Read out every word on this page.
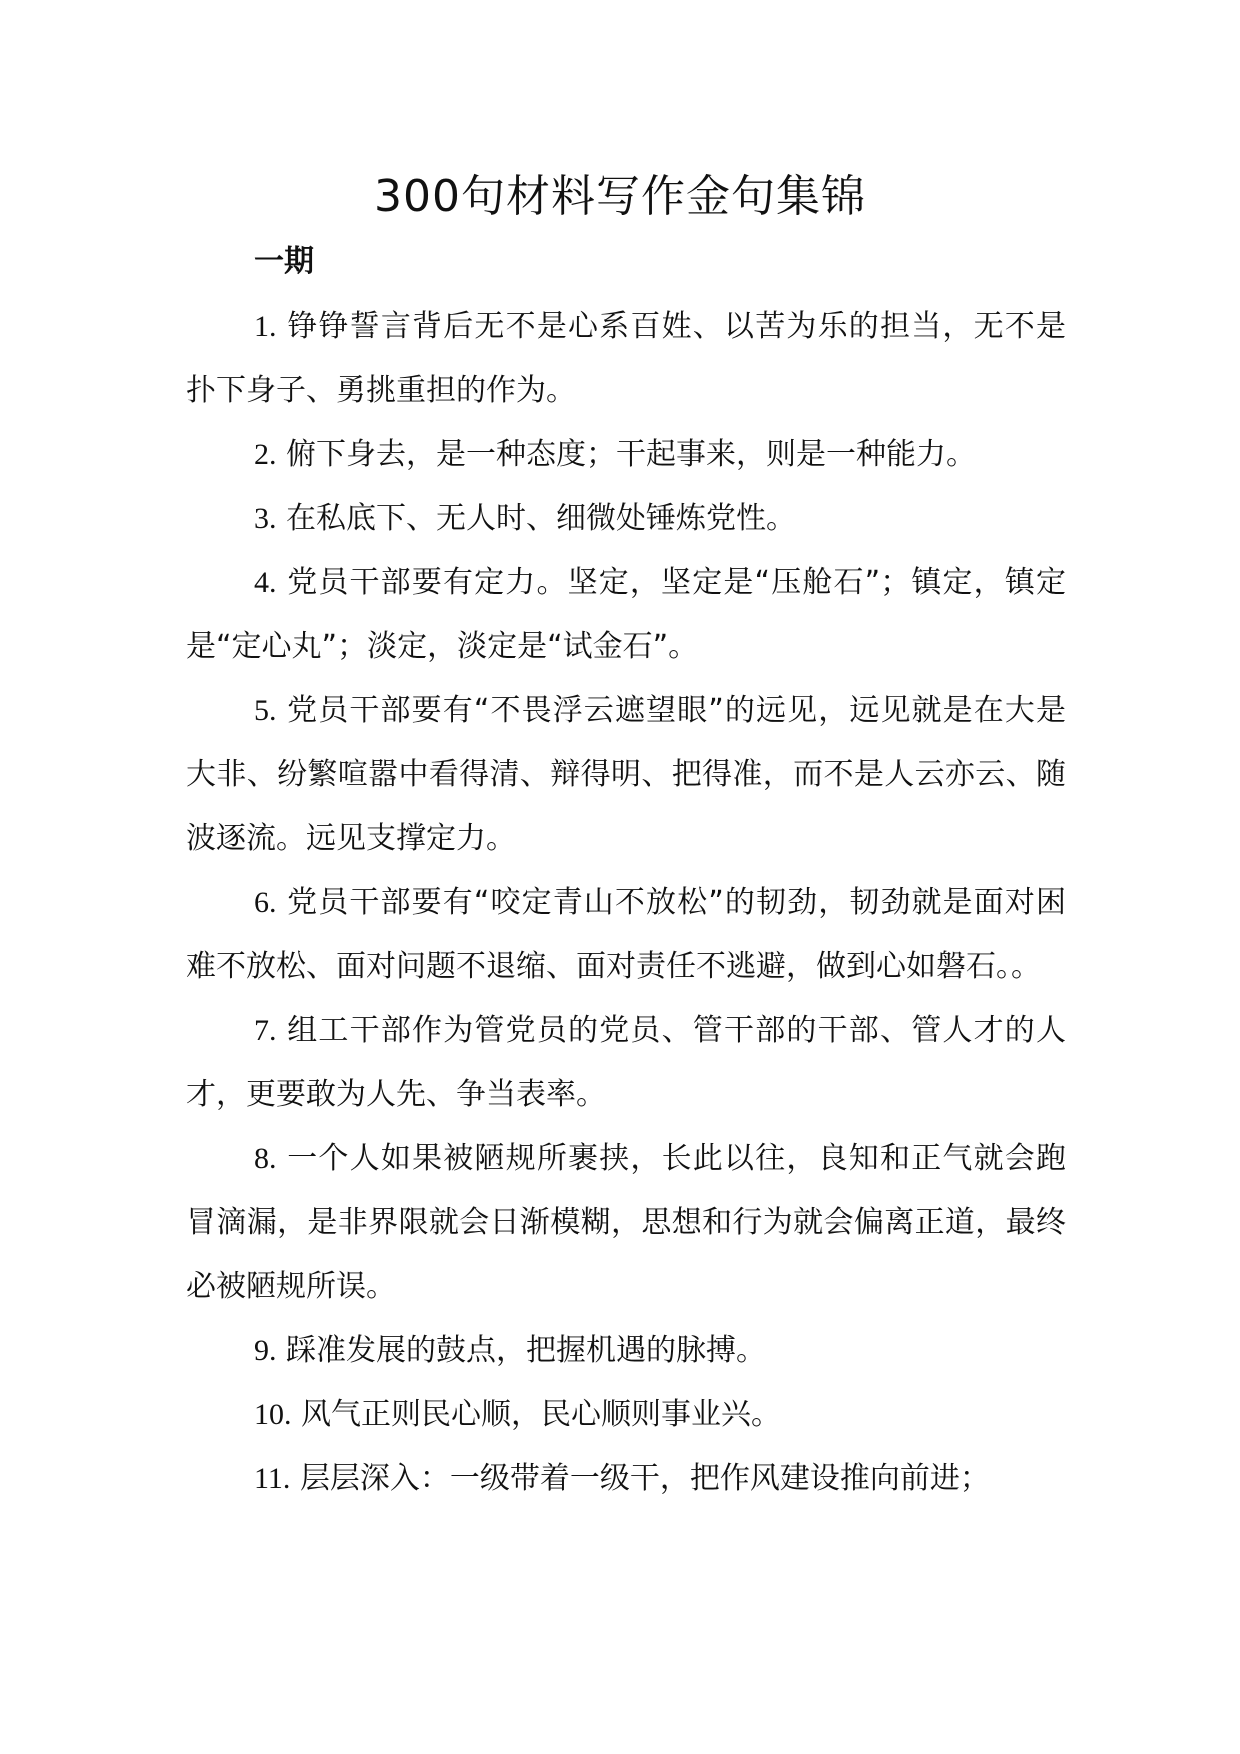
300句材料写作金句集锦
一期

1. 铮铮誓言背后无不是心系百姓、以苦为乐的担当，无不是扑下身子、勇挑重担的作为。

2. 俯下身去，是一种态度；干起事来，则是一种能力。

3. 在私底下、无人时、细微处锤炼党性。

4. 党员干部要有定力。坚定，坚定是“压舱石”；镇定，镇定是“定心丸”；淡定，淡定是“试金石”。

5. 党员干部要有“不畏浮云遮望眼”的远见，远见就是在大是大非、纷繁喧嚣中看得清、辩得明、把得准，而不是人云亦云、随波逐流。远见支撑定力。

6. 党员干部要有“咬定青山不放松”的韧劲，韧劲就是面对困难不放松、面对问题不退缩、面对责任不逃避，做到心如磐石。。

7. 组工干部作为管党员的党员、管干部的干部、管人才的人才，更要敢为人先、争当表率。

8. 一个人如果被陋规所裹挟，长此以往，良知和正气就会跑冒滴漏，是非界限就会日渐模糊，思想和行为就会偏离正道，最终必被陋规所误。

9. 踩准发展的鼓点，把握机遇的脉搏。

10. 风气正则民心顺，民心顺则事业兴。

11. 层层深入：一级带着一级干，把作风建设推向前进；
